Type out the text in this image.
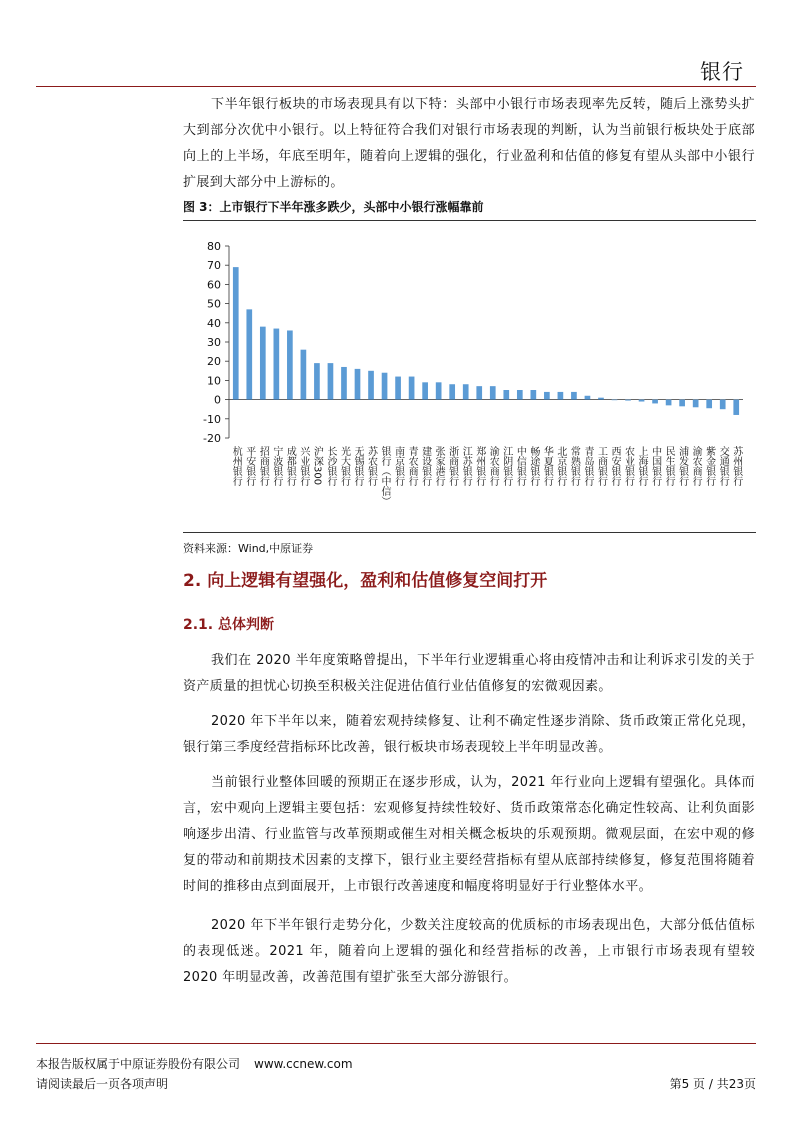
银行
下半年银行板块的市场表现具有以下特：头部中小银行市场表现率先反转，随后上涨势头扩大到部分次优中小银行。以上特征符合我们对银行市场表现的判断，认为当前银行板块处于底部向上的上半场，年底至明年，随着向上逻辑的强化，行业盈利和估值的修复有望从头部中小银行扩展到大部分中上游标的。
图 3：上市银行下半年涨多跌少，头部中小银行涨幅靠前
80
70
60
50
40
30
20
10
0
-10
-20
杭州银行 平安银行 招商银行 宁波银行 成都银行 兴业银行 沪深300 长沙银行 光大银行 无锡银行 苏农银行 银行（中信） 南京银行 青农商行 建设银行 张家港行 浙商银行 江苏银行 郑州银行 渝农商行 江阴银行 中信银行 畅途银行 华夏银行 北京银行 常熟银行 青岛银行 工商银行 西安银行 农业银行 上海银行 中国银行 民生银行 浦发银行 渝农商行 紫金银行 交通银行 苏州银行
资料来源：Wind,中原证券
2. 向上逻辑有望强化，盈利和估值修复空间打开
2.1. 总体判断
我们在 2020 半年度策略曾提出，下半年行业逻辑重心将由疫情冲击和让利诉求引发的关于资产质量的担忧心切换至积极关注促进估值行业估值修复的宏微观因素。
2020 年下半年以来，随着宏观持续修复、让利不确定性逐步消除、货币政策正常化兑现，银行第三季度经营指标环比改善，银行板块市场表现较上半年明显改善。
当前银行业整体回暖的预期正在逐步形成，认为，2021 年行业向上逻辑有望强化。具体而言，宏中观向上逻辑主要包括：宏观修复持续性较好、货币政策常态化确定性较高、让利负面影响逐步出清、行业监管与改革预期或催生对相关概念板块的乐观预期。微观层面，在宏中观的修复的带动和前期技术因素的支撑下，银行业主要经营指标有望从底部持续修复，修复范围将随着时间的推移由点到面展开，上市银行改善速度和幅度将明显好于行业整体水平。
2020 年下半年银行走势分化，少数关注度较高的优质标的市场表现出色，大部分低估值标的表现低迷。2021 年，随着向上逻辑的强化和经营指标的改善，上市银行市场表现有望较 2020 年明显改善，改善范围有望扩张至大部分游银行。
本报告版权属于中原证券股份有限公司 www.ccnew.com
请阅读最后一页各项声明	第5 页 / 共23页
